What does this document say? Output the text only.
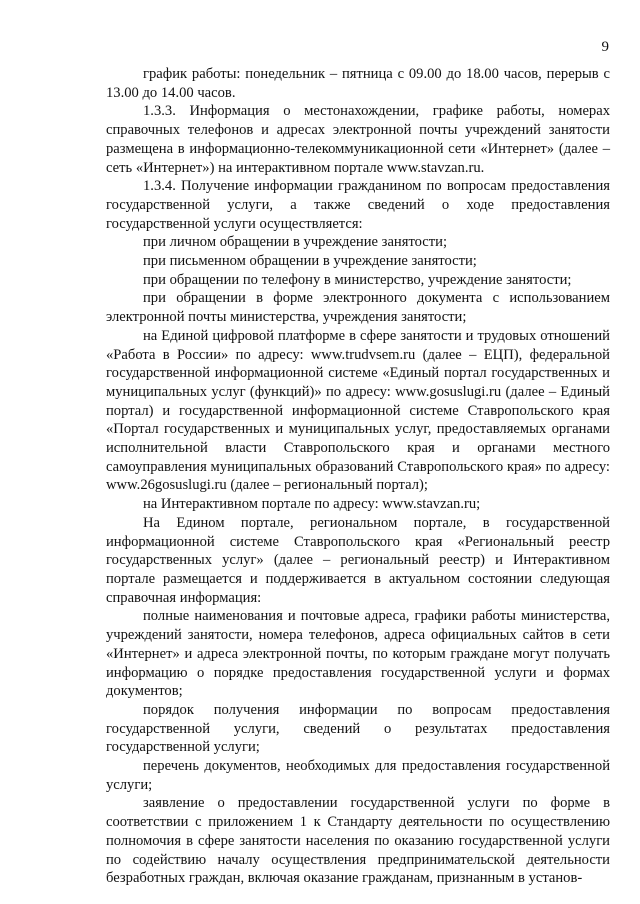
9

график работы: понедельник – пятница с 09.00 до 18.00 часов, перерыв с 13.00 до 14.00 часов.

1.3.3. Информация о местонахождении, графике работы, номерах справочных телефонов и адресах электронной почты учреждений занятости размещена в информационно-телекоммуникационной сети «Интернет» (далее – сеть «Интернет») на интерактивном портале www.stavzan.ru.

1.3.4. Получение информации гражданином по вопросам предоставления государственной услуги, а также сведений о ходе предоставления государственной услуги осуществляется:

при личном обращении в учреждение занятости;

при письменном обращении в учреждение занятости;

при обращении по телефону в министерство, учреждение занятости;

при обращении в форме электронного документа с использованием электронной почты министерства, учреждения занятости;

на Единой цифровой платформе в сфере занятости и трудовых отношений «Работа в России» по адресу: www.trudvsem.ru (далее – ЕЦП), федеральной государственной информационной системе «Единый портал государственных и муниципальных услуг (функций)» по адресу: www.gosuslugi.ru (далее – Единый портал) и государственной информационной системе Ставропольского края «Портал государственных и муниципальных услуг, предоставляемых органами исполнительной власти Ставропольского края и органами местного самоуправления муниципальных образований Ставропольского края» по адресу: www.26gosuslugi.ru (далее – региональный портал);

на Интерактивном портале по адресу: www.stavzan.ru;

На Едином портале, региональном портале, в государственной информационной системе Ставропольского края «Региональный реестр государственных услуг» (далее – региональный реестр) и Интерактивном портале размещается и поддерживается в актуальном состоянии следующая справочная информация:

полные наименования и почтовые адреса, графики работы министерства, учреждений занятости, номера телефонов, адреса официальных сайтов в сети «Интернет» и адреса электронной почты, по которым граждане могут получать информацию о порядке предоставления государственной услуги и формах документов;

порядок получения информации по вопросам предоставления государственной услуги, сведений о результатах предоставления государственной услуги;

перечень документов, необходимых для предоставления государственной услуги;

заявление о предоставлении государственной услуги по форме в соответствии с приложением 1 к Стандарту деятельности по осуществлению полномочия в сфере занятости населения по оказанию государственной услуги по содействию началу осуществления предпринимательской деятельности безработных граждан, включая оказание гражданам, признанным в установ-
